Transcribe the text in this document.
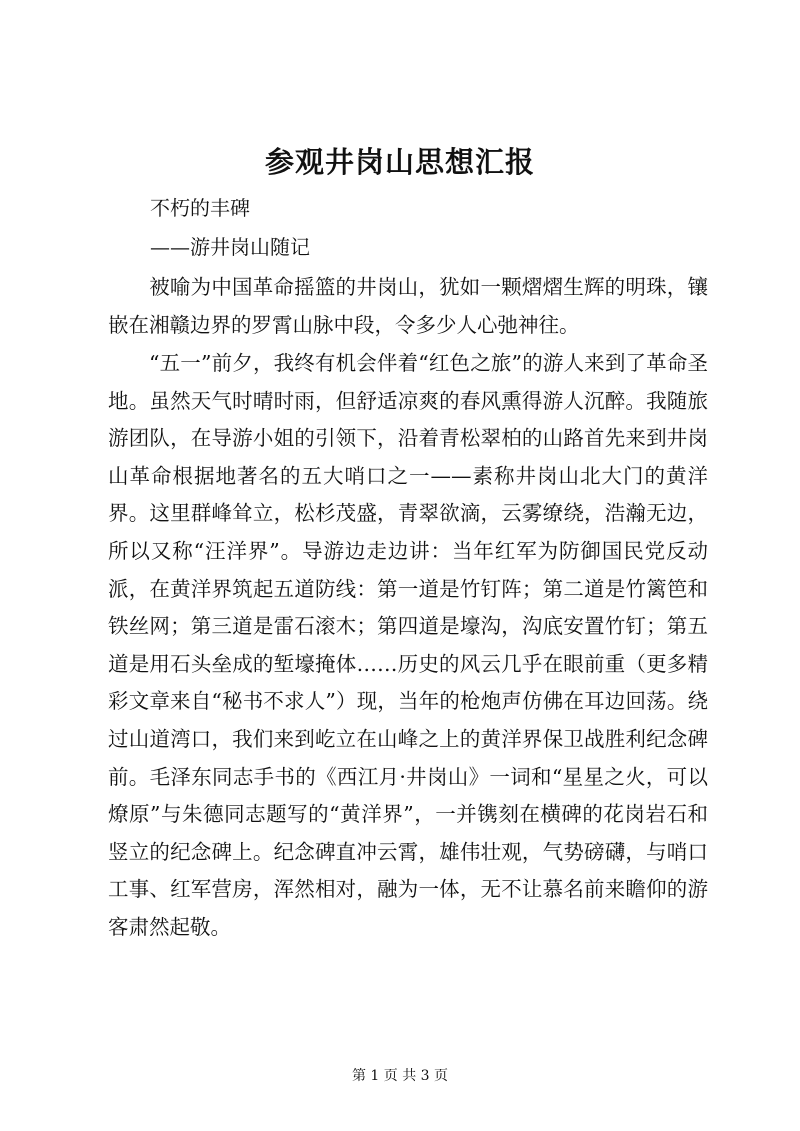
参观井岗山思想汇报
不朽的丰碑
——游井岗山随记
被喻为中国革命摇篮的井岗山，犹如一颗熠熠生辉的明珠，镶嵌在湘赣边界的罗霄山脉中段，令多少人心弛神往。
“五一”前夕，我终有机会伴着“红色之旅”的游人来到了革命圣地。虽然天气时晴时雨，但舒适凉爽的春风熏得游人沉醉。我随旅游团队，在导游小姐的引领下，沿着青松翠柏的山路首先来到井岗山革命根据地著名的五大哨口之一——素称井岗山北大门的黄洋界。这里群峰耸立，松杉茂盛，青翠欲滴，云雾缭绕，浩瀚无边，所以又称“汪洋界”。导游边走边讲：当年红军为防御国民党反动派，在黄洋界筑起五道防线：第一道是竹钉阵；第二道是竹篱笆和铁丝网；第三道是雷石滚木；第四道是壕沟，沟底安置竹钉；第五道是用石头垒成的堑壕掩体……历史的风云几乎在眼前重（更多精彩文章来自“秘书不求人”）现，当年的枪炮声仿佛在耳边回荡。绕过山道湾口，我们来到屹立在山峰之上的黄洋界保卫战胜利纪念碑前。毛泽东同志手书的《西江月·井岗山》一词和“星星之火，可以燎原”与朱德同志题写的“黄洋界”，一并镌刻在横碑的花岗岩石和竖立的纪念碑上。纪念碑直冲云霄，雄伟壮观，气势磅礴，与哨口工事、红军营房，浑然相对，融为一体，无不让慕名前来瞻仰的游客肃然起敬。
第 1 页 共 3 页
